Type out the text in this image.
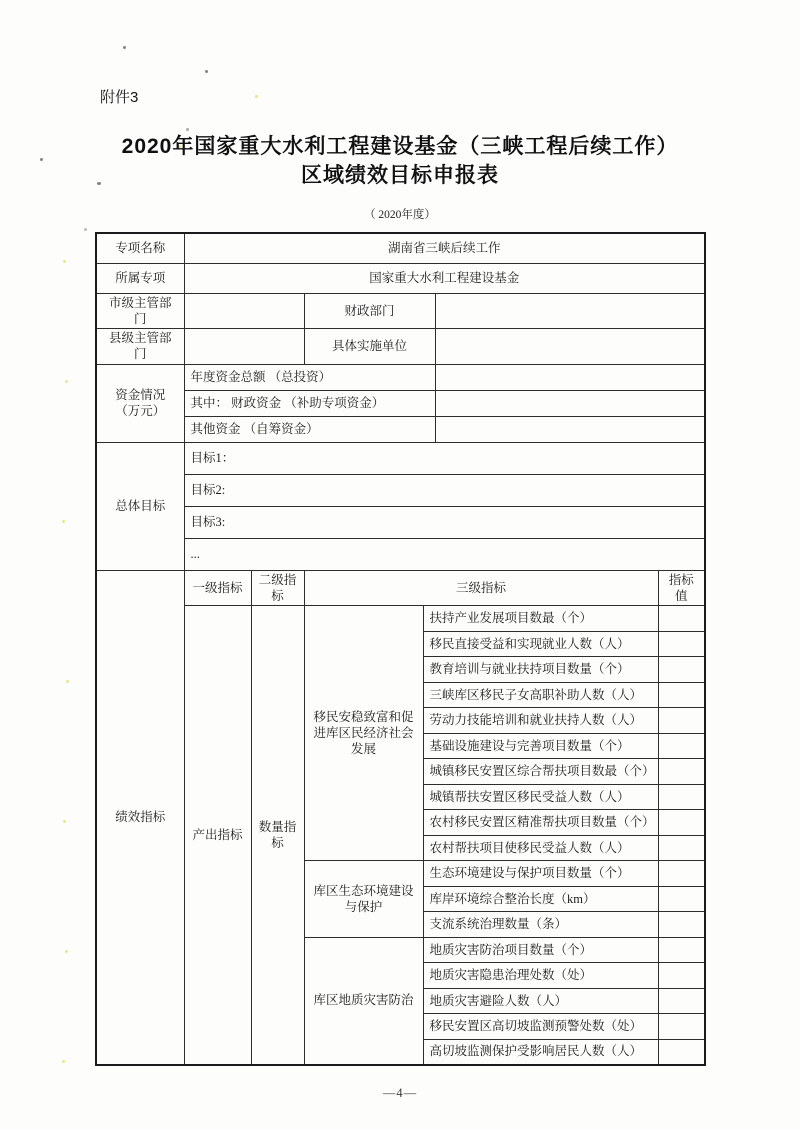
附件3
2020年国家重大水利工程建设基金（三峡工程后续工作）
区域绩效目标申报表
（ 2020年度）
专项名称	湖南省三峡后续工作					
所属专项	国家重大水利工程建设基金					
市级主管部门			财政部门			
县级主管部门			具体实施单位			
资金情况（万元）	年度资金总额 （总投资）					
	其中： 财政资金 （补助专项资金）					
	其他资金 （自筹资金）					
总体目标	目标1：					
	目标2:					
	目标3:					
	...					
绩效指标	一级指标	二级指标	三级指标			指标值
	产出指标	数量指标	移民安稳致富和促进库区民经济社会发展	扶持产业发展项目数最（个）		
				移民直接受益和实现就业人数（人）		
				教育培训与就业扶持项目数量（个）		
				三峡库区移民子女高职补助人数（人）		
				劳动力技能培训和就业扶持人数（人）		
				基础设施建设与完善项目数量（个）		
				城镇移民安置区综合帮扶项目数最（个）		
				城镇帮扶安置区移民受益人数（人）		
				农村移民安置区精准帮扶项目数量（个）		
				农村帮扶项目使移民受益人数（人）		
			库区生态环境建设与保护	生态环境建设与保护项目数量（个）		
				库岸环境综合整治长度（km）		
				支流系统治理数量（条）		
			库区地质灾害防治	地质灾害防治项目数量（个）		
				地质灾害隐患治理处数（处）		
				地质灾害避险人数（人）		
				移民安置区高切坡监测预警处数（处）		
				高切坡监测保护受影响居民人数（人）		
—4—
